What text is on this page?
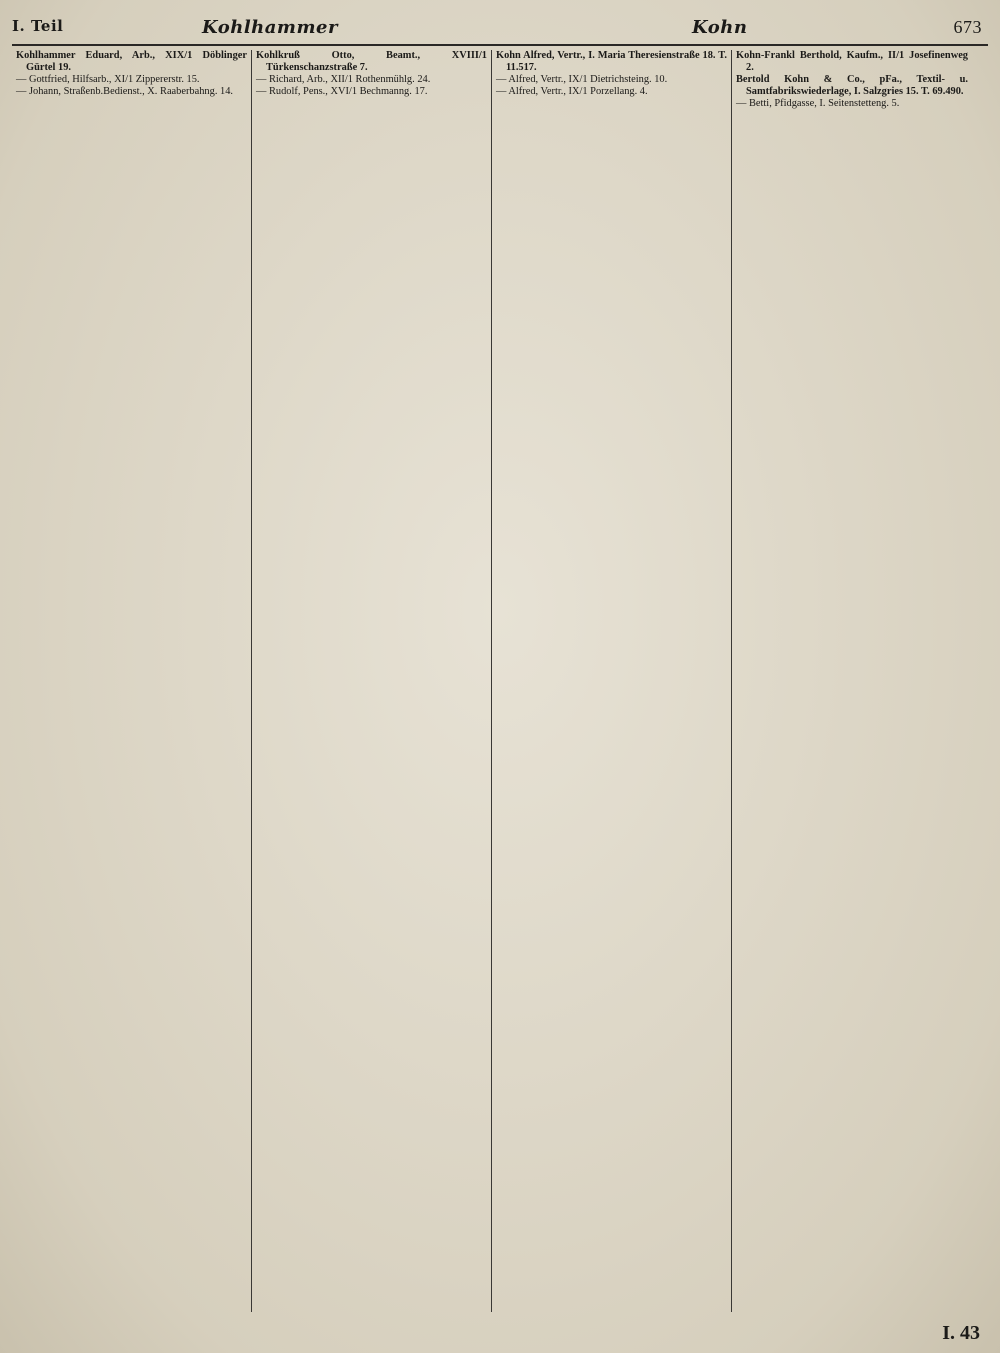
I. Teil	Kohlhammer	Kohn	673

Kohlhammer Eduard, Arb., XIX/1 Döblinger Gürtel 19.

— Gottfried, Hilfsarb., XI/1 Zippererstr. 15.

— Johann, Straßenb.Bedienst., X. Raaberbahng. 14.

Kohlkruß Otto, Beamt., XVIII/1 Türkenschanzstraße 7.

— Richard, Arb., XII/1 Rothenmühlg. 24.

— Rudolf, Pens., XVI/1 Bechmanng. 17.

Kohn Alfred, Vertr., I. Maria Theresienstraße 18. T. 11.517.

— Alfred, Vertr., IX/1 Dietrichsteing. 10.

— Alfred, Vertr., IX/1 Porzellang. 4.

Kohn-Frankl Berthold, Kaufm., II/1 Josefinenweg 2.

Bertold Kohn & Co., pFa., Textil- u. Samtfabrikswiederlage, I. Salzgries 15. T. 69.490.

— Betti, Pfidgasse, I. Seitenstetteng. 5.

I. 43
